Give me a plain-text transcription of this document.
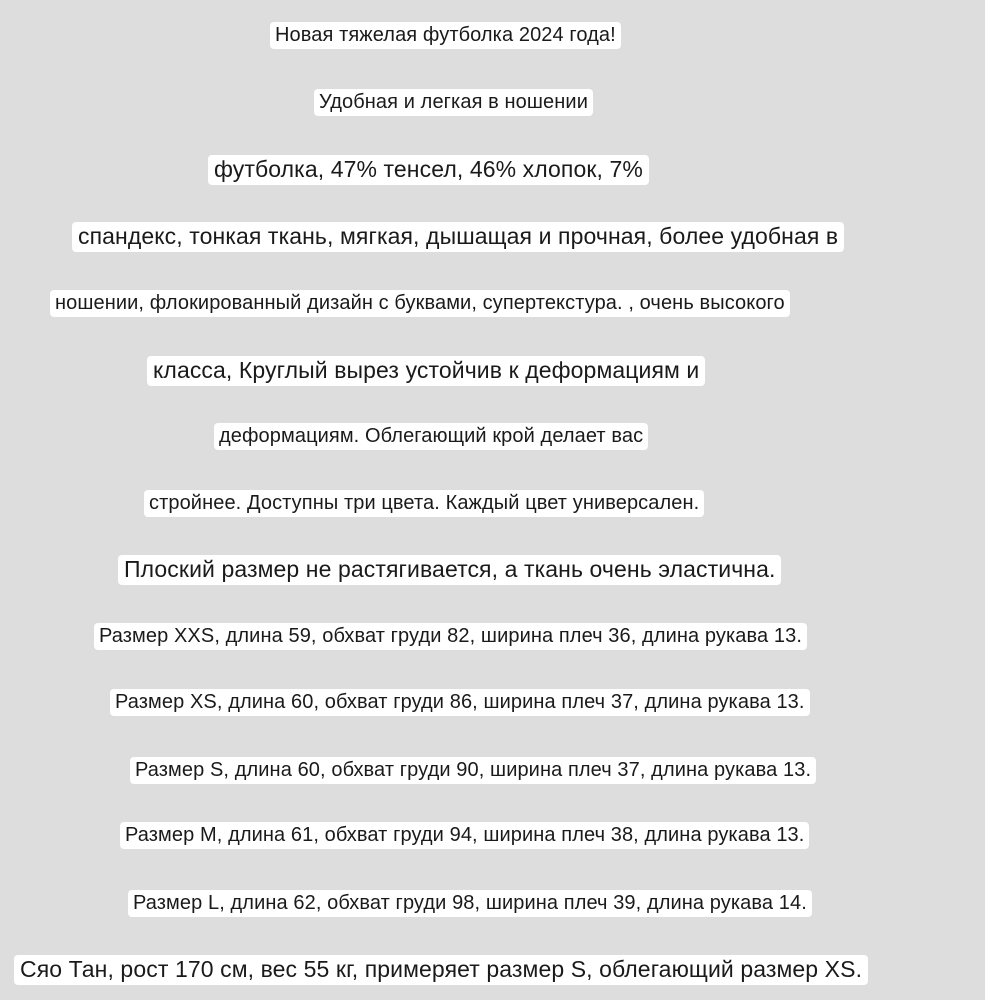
Новая тяжелая футболка 2024 года!
Удобная и легкая в ношении
футболка, 47% тенсел, 46% хлопок, 7%
спандекс, тонкая ткань, мягкая, дышащая и прочная, более удобная в
ношении, флокированный дизайн с буквами, супертекстура. , очень высокого
класса, Круглый вырез устойчив к деформациям и
деформациям. Облегающий крой делает вас
стройнее. Доступны три цвета. Каждый цвет универсален.
Плоский размер не растягивается, а ткань очень эластична.
Размер XXS, длина 59, обхват груди 82, ширина плеч 36, длина рукава 13.
Размер XS, длина 60, обхват груди 86, ширина плеч 37, длина рукава 13.
Размер S, длина 60, обхват груди 90, ширина плеч 37, длина рукава 13.
Размер M, длина 61, обхват груди 94, ширина плеч 38, длина рукава 13.
Размер L, длина 62, обхват груди 98, ширина плеч 39, длина рукава 14.
Сяо Тан, рост 170 см, вес 55 кг, примеряет размер S, облегающий размер XS.
